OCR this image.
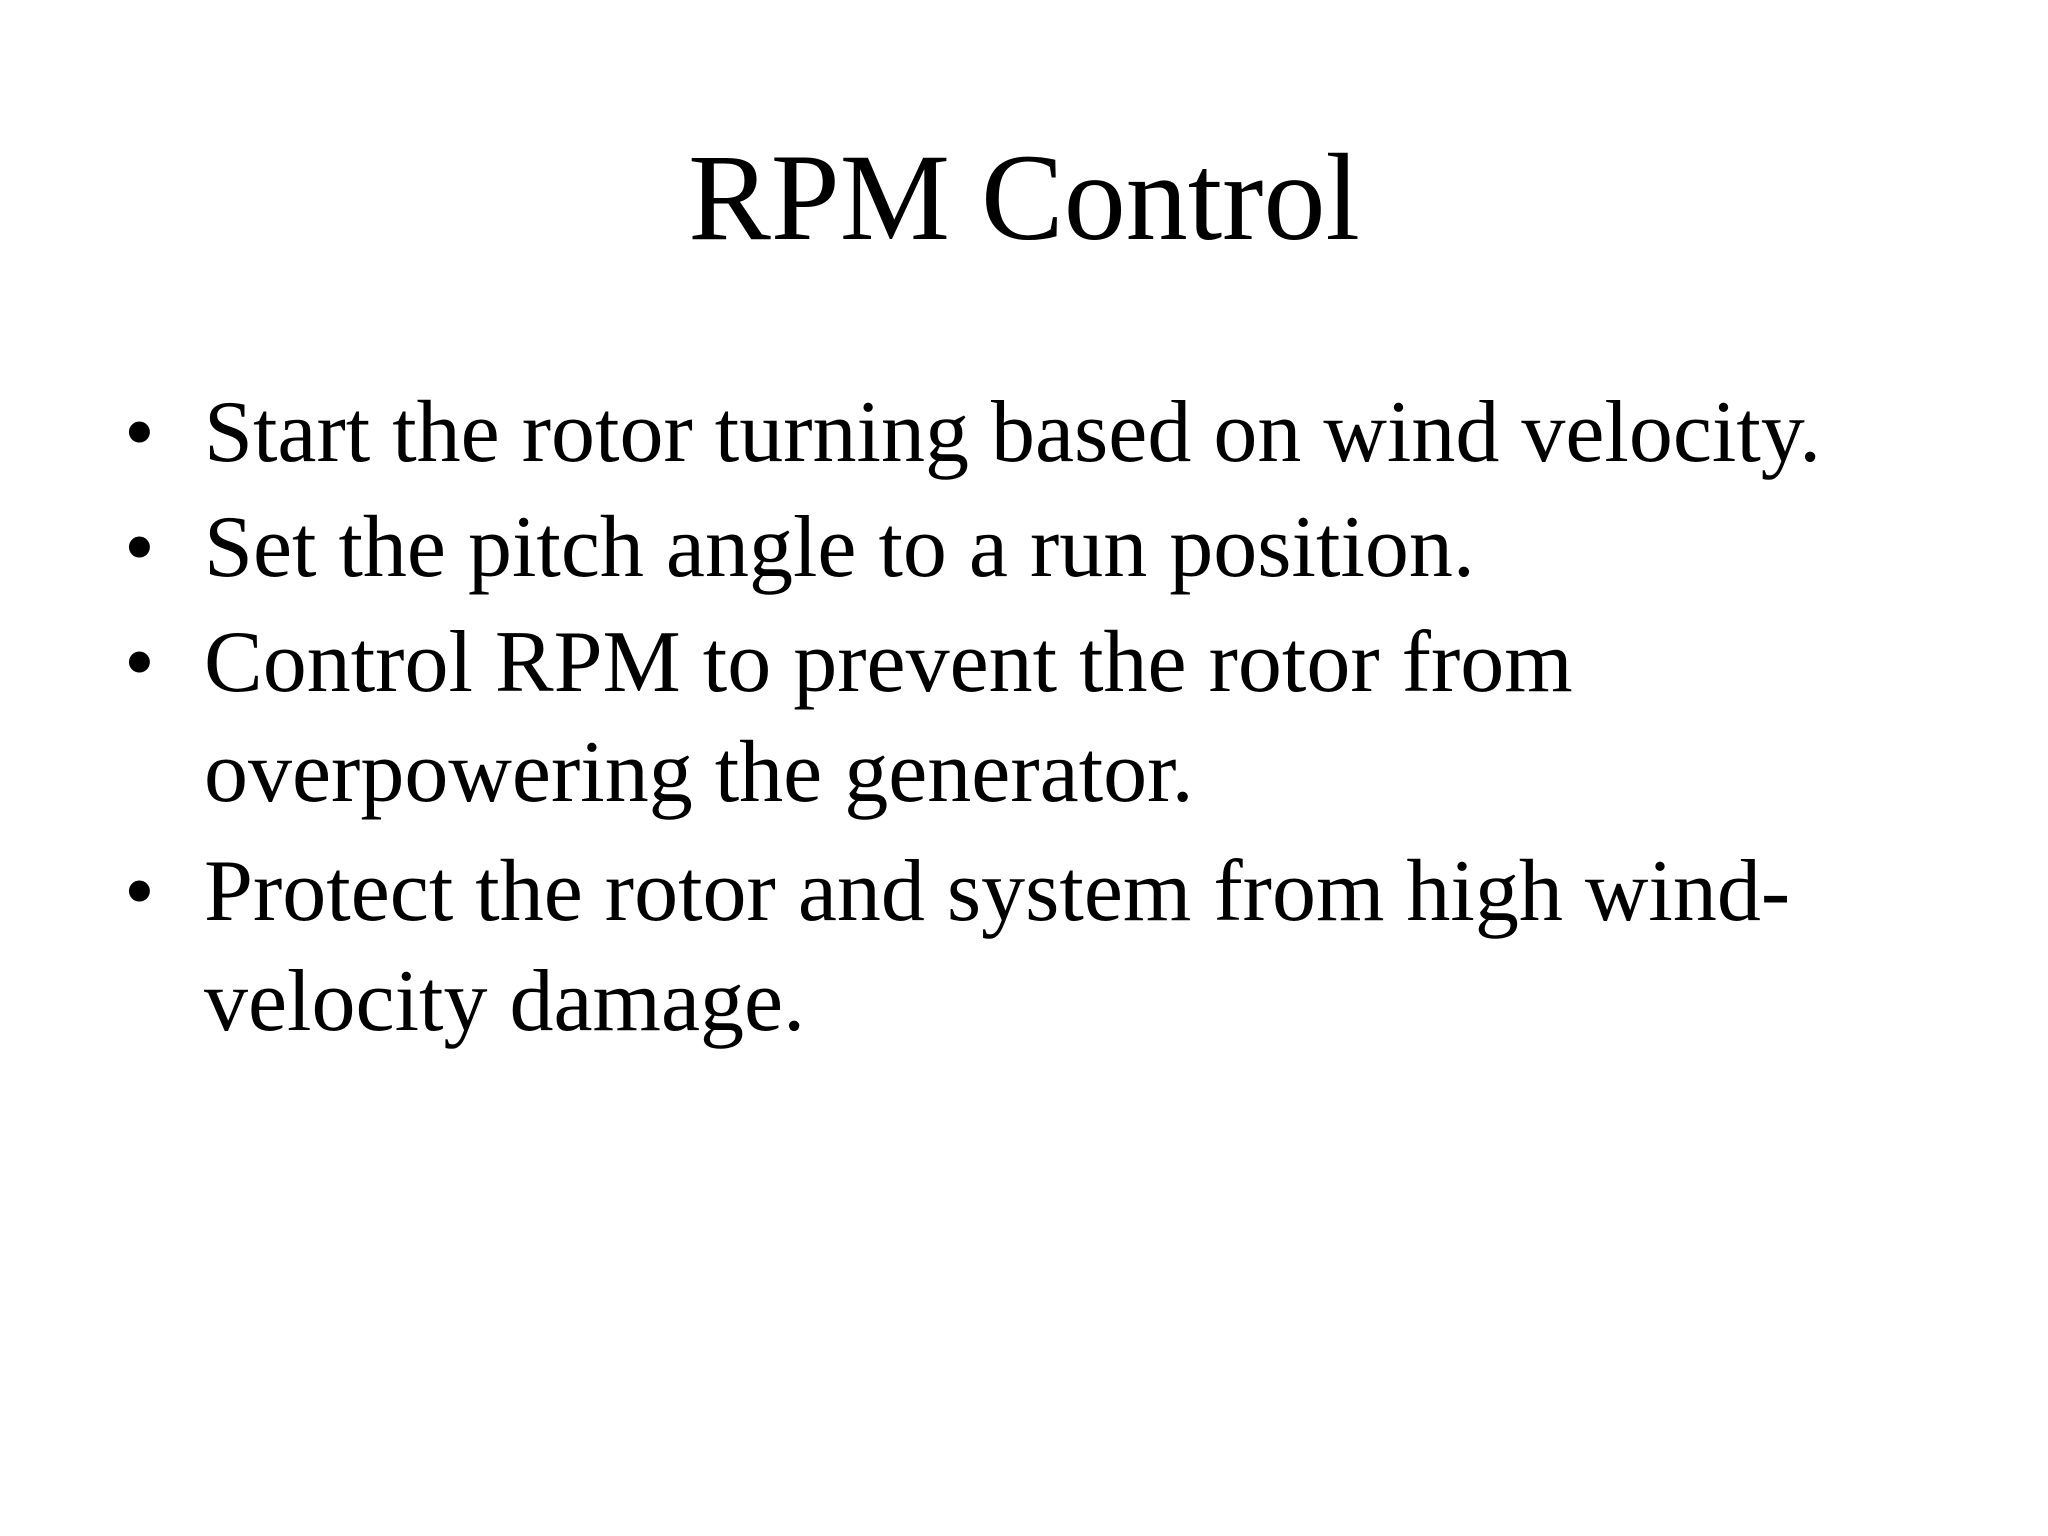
RPM Control
• Start the rotor turning based on wind velocity.
• Set the pitch angle to a run position.
• Control RPM to prevent the rotor from overpowering the generator.
• Protect the rotor and system from high wind-velocity damage.
